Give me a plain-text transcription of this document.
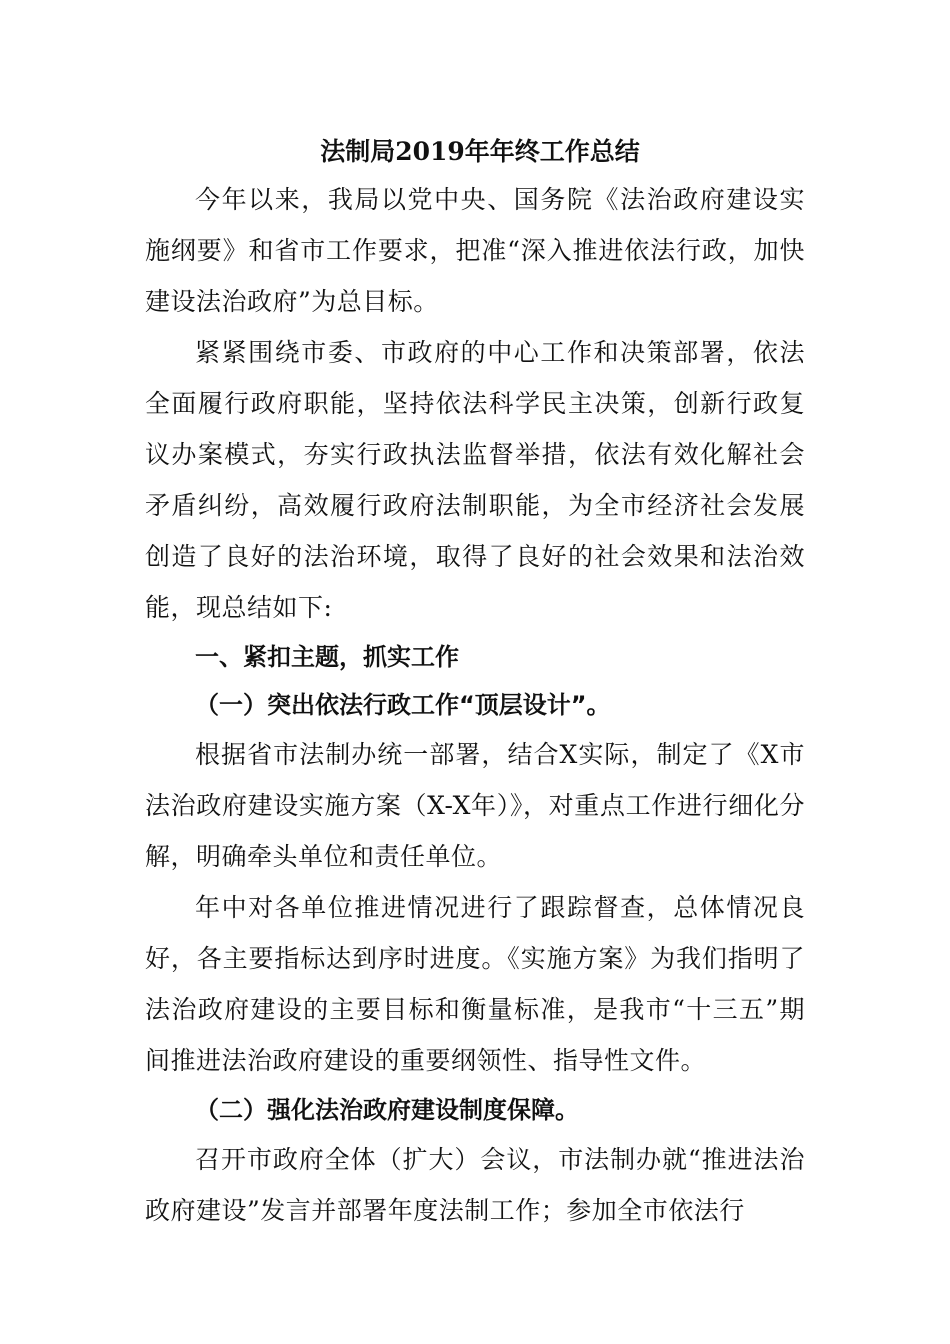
法制局2019年年终工作总结

今年以来，我局以党中央、国务院《法治政府建设实施纲要》和省市工作要求，把准“深入推进依法行政，加快建设法治政府”为总目标。

紧紧围绕市委、市政府的中心工作和决策部署，依法全面履行政府职能，坚持依法科学民主决策，创新行政复议办案模式，夯实行政执法监督举措，依法有效化解社会矛盾纠纷，高效履行政府法制职能，为全市经济社会发展创造了良好的法治环境，取得了良好的社会效果和法治效能，现总结如下:

一、紧扣主题，抓实工作

（一）突出依法行政工作“顶层设计”。

根据省市法制办统一部署，结合X实际，制定了《X市法治政府建设实施方案（X-X年）》，对重点工作进行细化分解，明确牵头单位和责任单位。

年中对各单位推进情况进行了跟踪督查，总体情况良好，各主要指标达到序时进度。《实施方案》为我们指明了法治政府建设的主要目标和衡量标准，是我市“十三五”期间推进法治政府建设的重要纲领性、指导性文件。

（二）强化法治政府建设制度保障。

召开市政府全体（扩大）会议，市法制办就“推进法治政府建设”发言并部署年度法制工作；参加全市依法行
